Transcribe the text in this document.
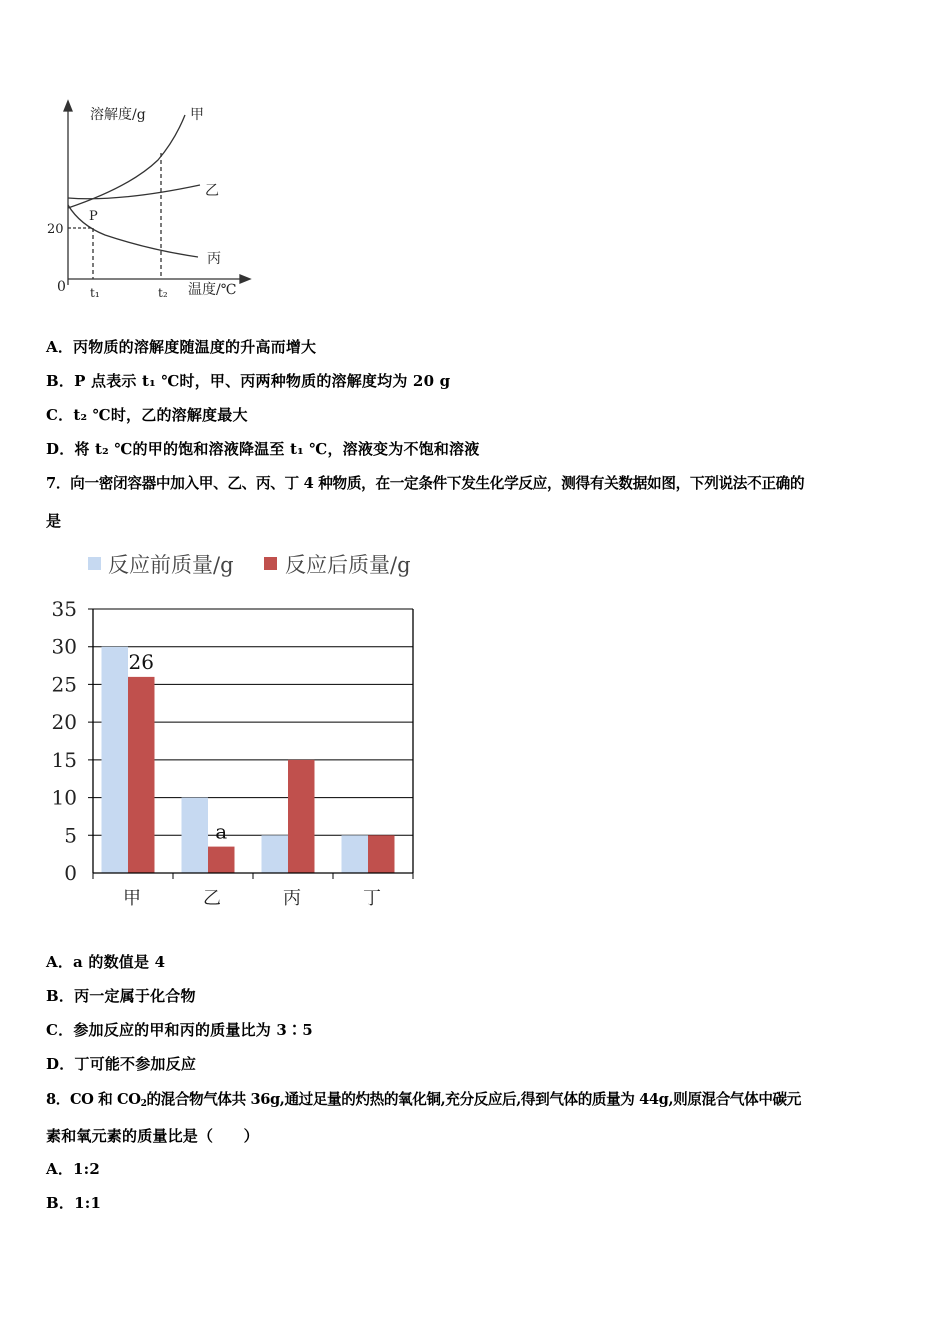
溶解度/g
温度/℃
0
20
P
t₁	t₂
甲
乙
丙
A．丙物质的溶解度随温度的升高而增大
B．P 点表示 t₁ ℃时，甲、丙两种物质的溶解度均为 20 g
C．t₂ ℃时，乙的溶解度最大
D．将 t₂ ℃的甲的饱和溶液降温至 t₁ ℃，溶液变为不饱和溶液
7．向一密闭容器中加入甲、乙、丙、丁 4 种物质，在一定条件下发生化学反应，测得有关数据如图，下列说法不正确的
是
反应前质量/g 反应后质量/g
0
5
10
15
20
25
30
35
甲	乙	丙	丁
26
a
A．a 的数值是 4
B．丙一定属于化合物
C．参加反应的甲和丙的质量比为 3∶5
D．丁可能不参加反应
8．CO 和 $CO_2$的混合物气体共 36g,通过足量的灼热的氧化铜,充分反应后,得到气体的质量为 44g,则原混合气体中碳元
素和氧元素的质量比是（　　）
A．1:2
B．1:1
